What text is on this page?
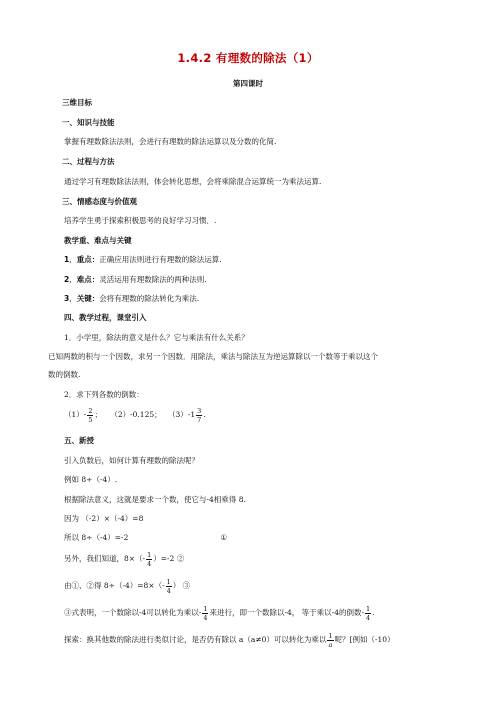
1.4.2 有理数的除法（1）
第四课时
三维目标
一、知识与技能
掌握有理数除法法则，会进行有理数的除法运算以及分数的化简.
二、过程与方法
通过学习有理数除法法则，体会转化思想，会将乘除混合运算统一为乘法运算.
三、情感态度与价值观
培养学生勇于探索积极思考的良好学习习惯．.
教学重、难点与关键
1．重点：正确应用法则进行有理数的除法运算.
2．难点：灵活运用有理数除法的两种法则.
3．关键：会将有理数的除法转化为乘法.
四、教学过程，课堂引入
1．小学里，除法的意义是什么？它与乘法有什么关系？
已知两数的积与一个因数，求另一个因数．用除法，乘法与除法互为逆运算除以一个数等于乘以这个
数的倒数.
2．求下列各数的倒数：
$(1)- \frac{2}{5}$ ； （2）-0.125； $(3)-1 \frac{3}{7}$ .
五、新授
引入负数后，如何计算有理数的除法呢？
例如 8÷（-4）.
根据除法意义，这就是要求一个数，使它与-4相乘得 8.
因为 （-2）×（-4）=8
所以 8÷（-4）=-2	①
另外，我们知道，$8\times(- \frac{1}{4} )=-2$ ②
由①、②得 $8\div(-4)=8\times(- \frac{1}{4}$ ） ③
③式表明，一个数除以-4可以转化为乘以- $\frac{1}{4}$ 来进行，即一个数除以-4， 等于乘以-4的倒数- $\frac{1}{4}$ .
探索：换其他数的除法进行类似讨论，是否仍有除以 a（a≠0）可以转化为乘以 $\frac{1}{a}$ 呢？[例如（-10）
